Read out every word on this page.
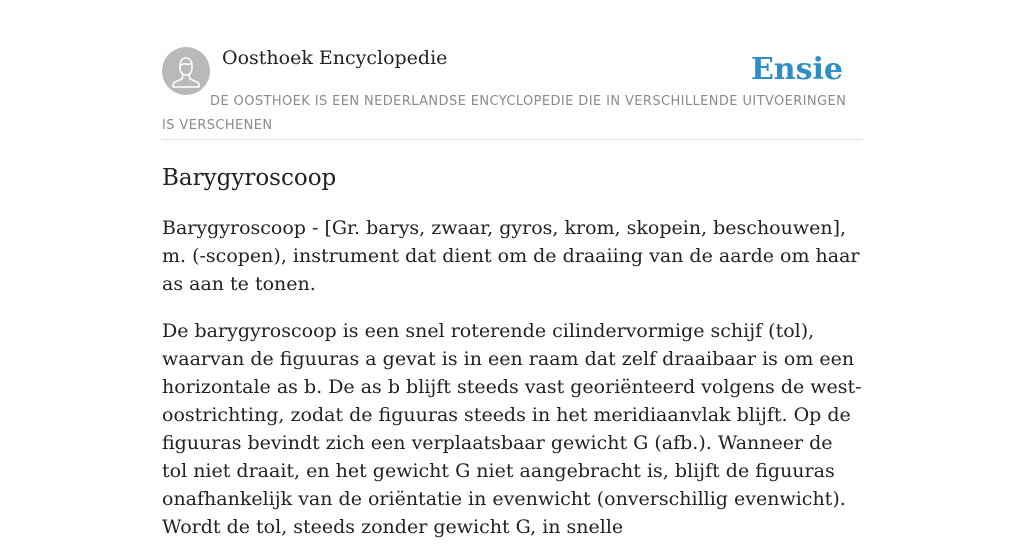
Oosthoek Encyclopedie	Ensie
DE OOSTHOEK IS EEN NEDERLANDSE ENCYCLOPEDIE DIE IN VERSCHILLENDE UITVOERINGEN IS VERSCHENEN
Barygyroscoop

Barygyroscoop - [Gr. barys, zwaar, gyros, krom, skopein, beschouwen], m. (-scopen), instrument dat dient om de draaiing van de aarde om haar as aan te tonen.

De barygyroscoop is een snel roterende cilindervormige schijf (tol), waarvan de figuuras a gevat is in een raam dat zelf draaibaar is om een horizontale as b. De as b blijft steeds vast georiënteerd volgens de west-oostrichting, zodat de figuuras steeds in het meridiaanvlak blijft. Op de figuuras bevindt zich een verplaatsbaar gewicht G (afb.). Wanneer de tol niet draait, en het gewicht G niet aangebracht is, blijft de figuuras onafhankelijk van de oriëntatie in evenwicht (onverschillig evenwicht). Wordt de tol, steeds zonder gewicht G, in snelle
